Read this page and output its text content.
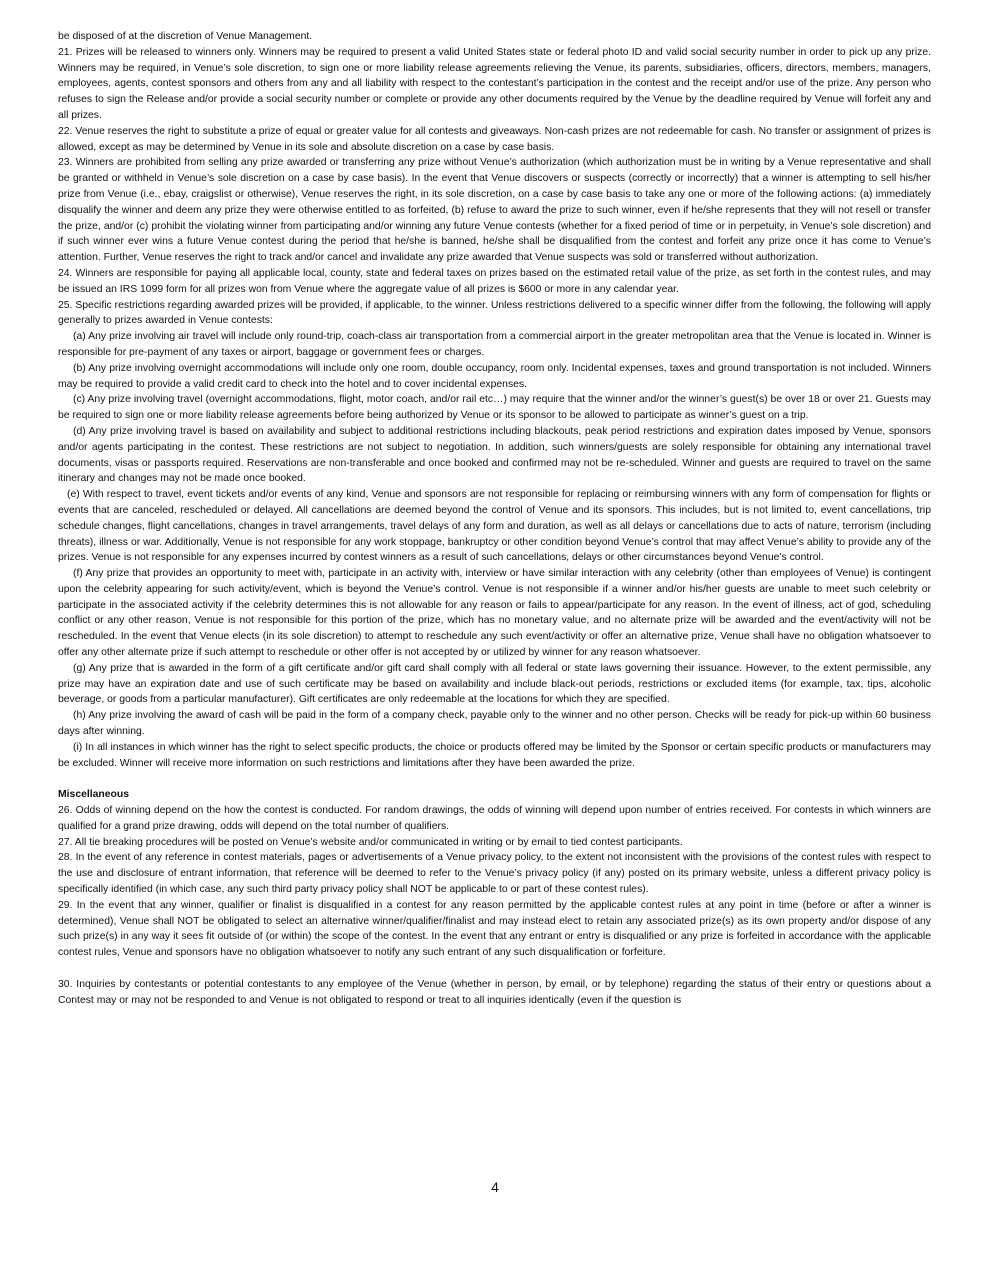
be disposed of at the discretion of Venue Management.

21. Prizes will be released to winners only. Winners may be required to present a valid United States state or federal photo ID and valid social security number in order to pick up any prize. Winners may be required, in Venue’s sole discretion, to sign one or more liability release agreements relieving the Venue, its parents, subsidiaries, officers, directors, members, managers, employees, agents, contest sponsors and others from any and all liability with respect to the contestant’s participation in the contest and the receipt and/or use of the prize. Any person who refuses to sign the Release and/or provide a social security number or complete or provide any other documents required by the Venue by the deadline required by Venue will forfeit any and all prizes.

22. Venue reserves the right to substitute a prize of equal or greater value for all contests and giveaways. Non-cash prizes are not redeemable for cash. No transfer or assignment of prizes is allowed, except as may be determined by Venue in its sole and absolute discretion on a case by case basis.

23. Winners are prohibited from selling any prize awarded or transferring any prize without Venue’s authorization (which authorization must be in writing by a Venue representative and shall be granted or withheld in Venue’s sole discretion on a case by case basis). In the event that Venue discovers or suspects (correctly or incorrectly) that a winner is attempting to sell his/her prize from Venue (i.e., ebay, craigslist or otherwise), Venue reserves the right, in its sole discretion, on a case by case basis to take any one or more of the following actions: (a) immediately disqualify the winner and deem any prize they were otherwise entitled to as forfeited, (b) refuse to award the prize to such winner, even if he/she represents that they will not resell or transfer the prize, and/or (c) prohibit the violating winner from participating and/or winning any future Venue contests (whether for a fixed period of time or in perpetuity, in Venue’s sole discretion) and if such winner ever wins a future Venue contest during the period that he/she is banned, he/she shall be disqualified from the contest and forfeit any prize once it has come to Venue’s attention. Further, Venue reserves the right to track and/or cancel and invalidate any prize awarded that Venue suspects was sold or transferred without authorization.

24. Winners are responsible for paying all applicable local, county, state and federal taxes on prizes based on the estimated retail value of the prize, as set forth in the contest rules, and may be issued an IRS 1099 form for all prizes won from Venue where the aggregate value of all prizes is $600 or more in any calendar year.

25. Specific restrictions regarding awarded prizes will be provided, if applicable, to the winner. Unless restrictions delivered to a specific winner differ from the following, the following will apply generally to prizes awarded in Venue contests:

(a) Any prize involving air travel will include only round-trip, coach-class air transportation from a commercial airport in the greater metropolitan area that the Venue is located in. Winner is responsible for pre-payment of any taxes or airport, baggage or government fees or charges.

(b) Any prize involving overnight accommodations will include only one room, double occupancy, room only. Incidental expenses, taxes and ground transportation is not included. Winners may be required to provide a valid credit card to check into the hotel and to cover incidental expenses.

(c) Any prize involving travel (overnight accommodations, flight, motor coach, and/or rail etc…) may require that the winner and/or the winner’s guest(s) be over 18 or over 21. Guests may be required to sign one or more liability release agreements before being authorized by Venue or its sponsor to be allowed to participate as winner’s guest on a trip.

(d) Any prize involving travel is based on availability and subject to additional restrictions including blackouts, peak period restrictions and expiration dates imposed by Venue, sponsors and/or agents participating in the contest. These restrictions are not subject to negotiation. In addition, such winners/guests are solely responsible for obtaining any international travel documents, visas or passports required. Reservations are non-transferable and once booked and confirmed may not be re-scheduled. Winner and guests are required to travel on the same itinerary and changes may not be made once booked.

(e) With respect to travel, event tickets and/or events of any kind, Venue and sponsors are not responsible for replacing or reimbursing winners with any form of compensation for flights or events that are canceled, rescheduled or delayed. All cancellations are deemed beyond the control of Venue and its sponsors. This includes, but is not limited to, event cancellations, trip schedule changes, flight cancellations, changes in travel arrangements, travel delays of any form and duration, as well as all delays or cancellations due to acts of nature, terrorism (including threats), illness or war. Additionally, Venue is not responsible for any work stoppage, bankruptcy or other condition beyond Venue’s control that may affect Venue’s ability to provide any of the prizes. Venue is not responsible for any expenses incurred by contest winners as a result of such cancellations, delays or other circumstances beyond Venue’s control.

(f) Any prize that provides an opportunity to meet with, participate in an activity with, interview or have similar interaction with any celebrity (other than employees of Venue) is contingent upon the celebrity appearing for such activity/event, which is beyond the Venue’s control. Venue is not responsible if a winner and/or his/her guests are unable to meet such celebrity or participate in the associated activity if the celebrity determines this is not allowable for any reason or fails to appear/participate for any reason. In the event of illness, act of god, scheduling conflict or any other reason, Venue is not responsible for this portion of the prize, which has no monetary value, and no alternate prize will be awarded and the event/activity will not be rescheduled. In the event that Venue elects (in its sole discretion) to attempt to reschedule any such event/activity or offer an alternative prize, Venue shall have no obligation whatsoever to offer any other alternate prize if such attempt to reschedule or other offer is not accepted by or utilized by winner for any reason whatsoever.

(g) Any prize that is awarded in the form of a gift certificate and/or gift card shall comply with all federal or state laws governing their issuance. However, to the extent permissible, any prize may have an expiration date and use of such certificate may be based on availability and include black-out periods, restrictions or excluded items (for example, tax, tips, alcoholic beverage, or goods from a particular manufacturer). Gift certificates are only redeemable at the locations for which they are specified.

(h) Any prize involving the award of cash will be paid in the form of a company check, payable only to the winner and no other person. Checks will be ready for pick-up within 60 business days after winning.

(i) In all instances in which winner has the right to select specific products, the choice or products offered may be limited by the Sponsor or certain specific products or manufacturers may be excluded. Winner will receive more information on such restrictions and limitations after they have been awarded the prize.

Miscellaneous

26. Odds of winning depend on the how the contest is conducted. For random drawings, the odds of winning will depend upon number of entries received. For contests in which winners are qualified for a grand prize drawing, odds will depend on the total number of qualifiers.

27. All tie breaking procedures will be posted on Venue’s website and/or communicated in writing or by email to tied contest participants.

28. In the event of any reference in contest materials, pages or advertisements of a Venue privacy policy, to the extent not inconsistent with the provisions of the contest rules with respect to the use and disclosure of entrant information, that reference will be deemed to refer to the Venue’s privacy policy (if any) posted on its primary website, unless a different privacy policy is specifically identified (in which case, any such third party privacy policy shall NOT be applicable to or part of these contest rules).

29. In the event that any winner, qualifier or finalist is disqualified in a contest for any reason permitted by the applicable contest rules at any point in time (before or after a winner is determined), Venue shall NOT be obligated to select an alternative winner/qualifier/finalist and may instead elect to retain any associated prize(s) as its own property and/or dispose of any such prize(s) in any way it sees fit outside of (or within) the scope of the contest. In the event that any entrant or entry is disqualified or any prize is forfeited in accordance with the applicable contest rules, Venue and sponsors have no obligation whatsoever to notify any such entrant of any such disqualification or forfeiture.

30. Inquiries by contestants or potential contestants to any employee of the Venue (whether in person, by email, or by telephone) regarding the status of their entry or questions about a Contest may or may not be responded to and Venue is not obligated to respond or treat to all inquiries identically (even if the question is

4
